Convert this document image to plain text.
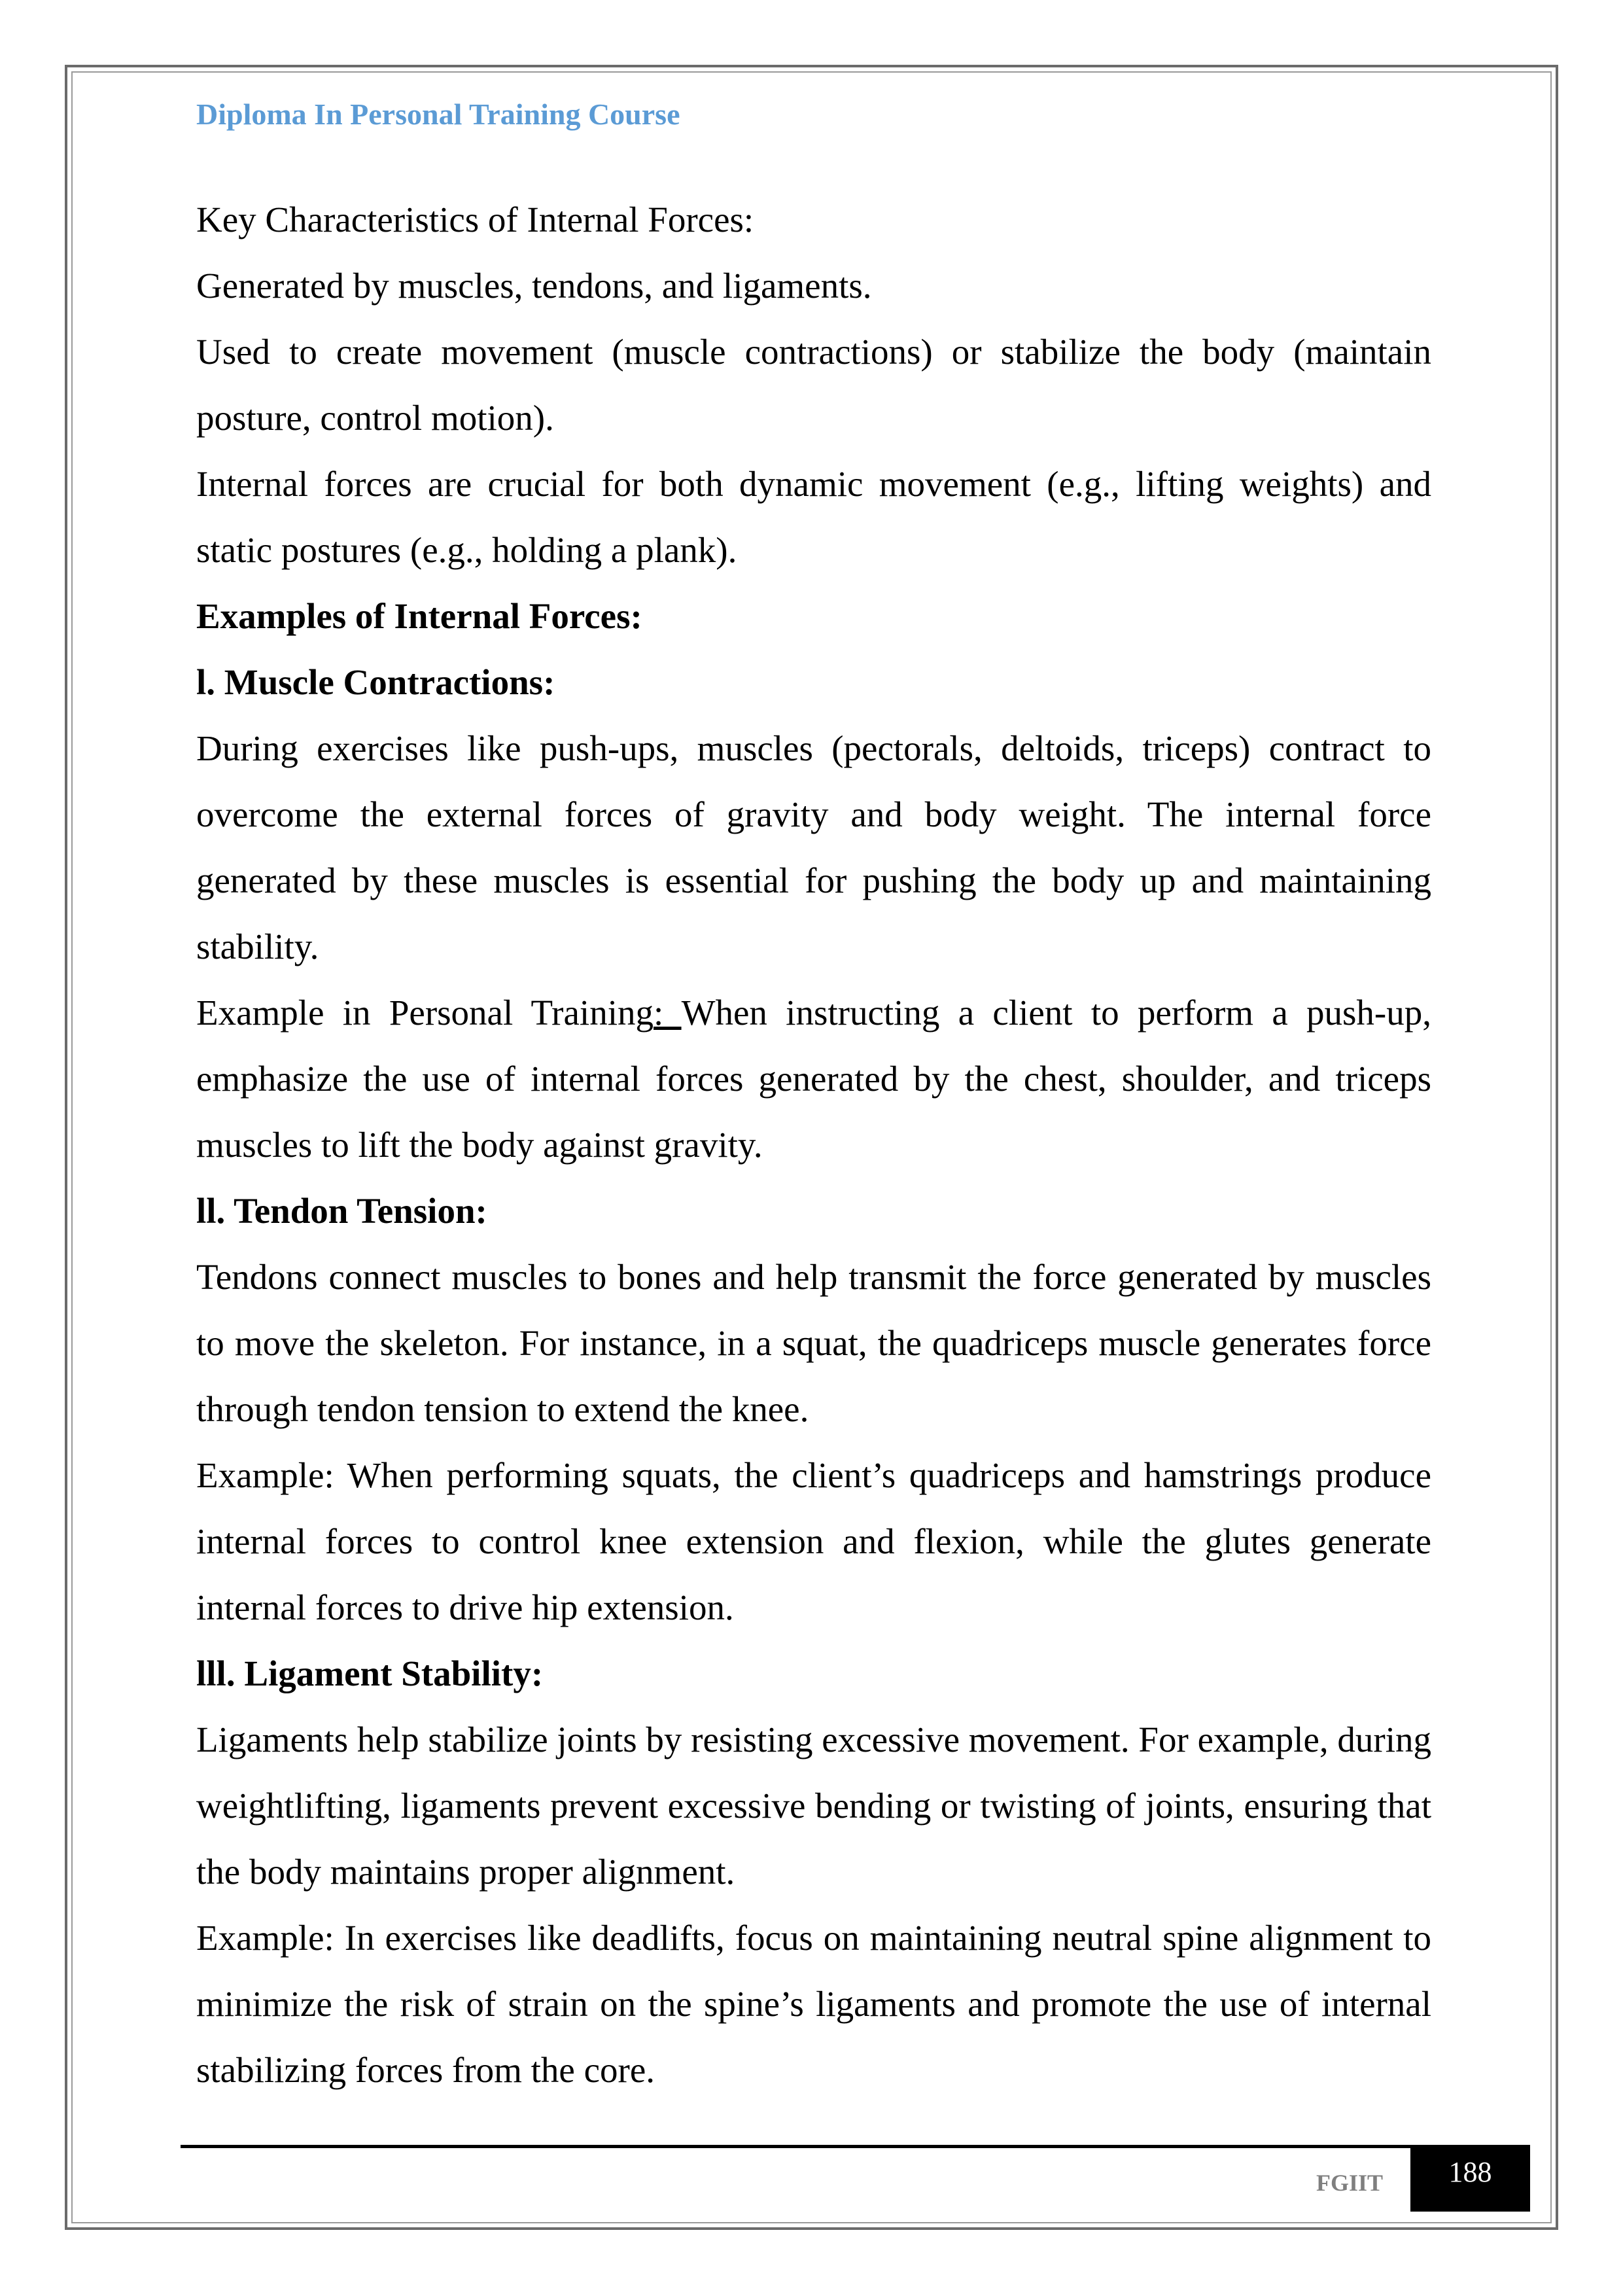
Diploma In Personal Training Course

Key Characteristics of Internal Forces:

Generated by muscles, tendons, and ligaments.

Used to create movement (muscle contractions) or stabilize the body (maintain posture, control motion).

Internal forces are crucial for both dynamic movement (e.g., lifting weights) and static postures (e.g., holding a plank).

Examples of Internal Forces:

l. Muscle Contractions:

During exercises like push-ups, muscles (pectorals, deltoids, triceps) contract to overcome the external forces of gravity and body weight. The internal force generated by these muscles is essential for pushing the body up and maintaining stability.

Example in Personal Training: When instructing a client to perform a push-up, emphasize the use of internal forces generated by the chest, shoulder, and triceps muscles to lift the body against gravity.

ll. Tendon Tension:

Tendons connect muscles to bones and help transmit the force generated by muscles to move the skeleton. For instance, in a squat, the quadriceps muscle generates force through tendon tension to extend the knee.

Example: When performing squats, the client’s quadriceps and hamstrings produce internal forces to control knee extension and flexion, while the glutes generate internal forces to drive hip extension.

lll. Ligament Stability:

Ligaments help stabilize joints by resisting excessive movement. For example, during weightlifting, ligaments prevent excessive bending or twisting of joints, ensuring that the body maintains proper alignment.

Example: In exercises like deadlifts, focus on maintaining neutral spine alignment to minimize the risk of strain on the spine’s ligaments and promote the use of internal stabilizing forces from the core.

FGIIT	188
